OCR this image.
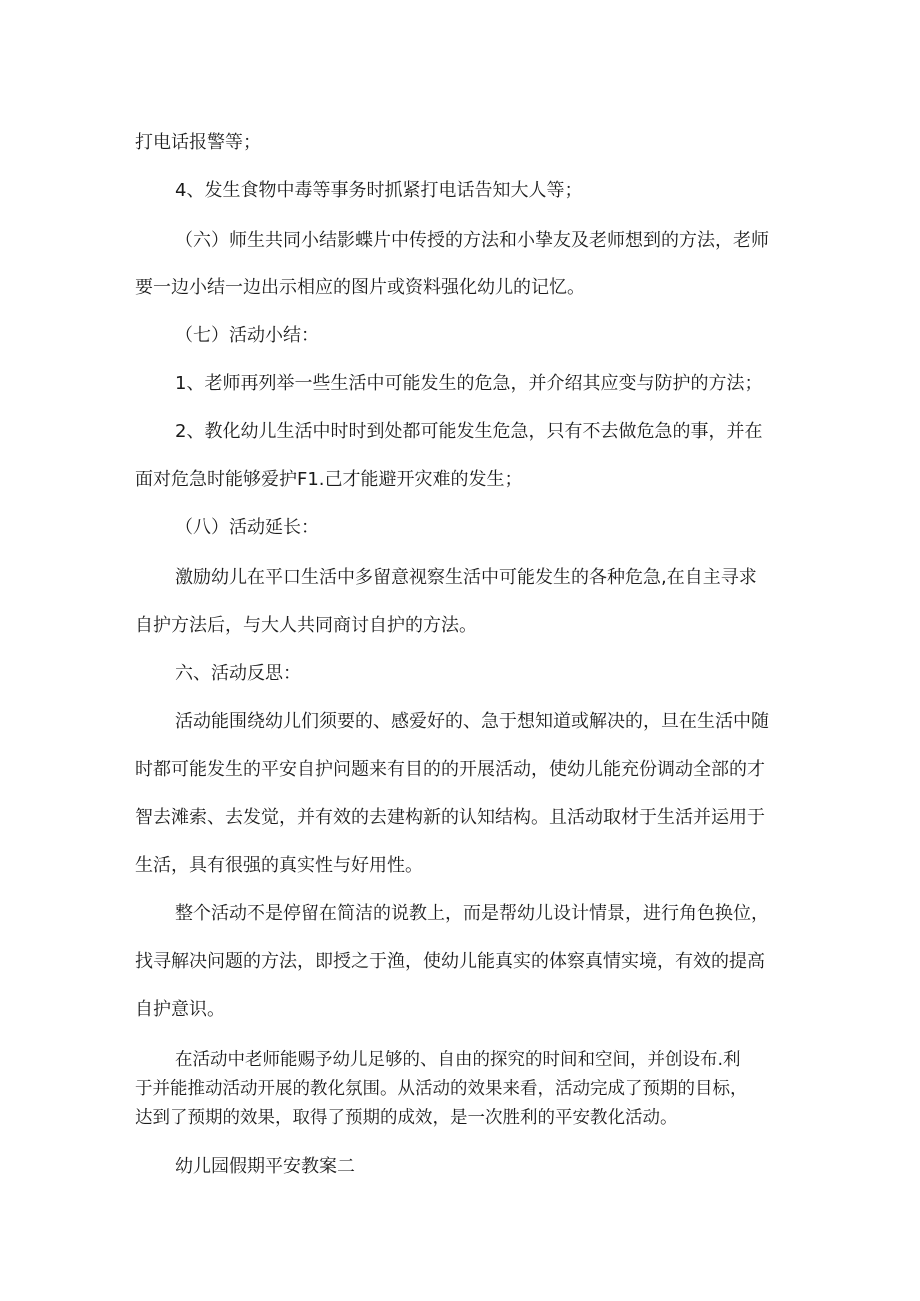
打电话报警等；
4、发生食物中毒等事务时抓紧打电话告知大人等；
（六）师生共同小结影蝶片中传授的方法和小挚友及老师想到的方法，老师
要一边小结一边出示相应的图片或资料强化幼儿的记忆。
（七）活动小结：
1、老师再列举一些生活中可能发生的危急，并介绍其应变与防护的方法；
2、教化幼儿生活中时时到处都可能发生危急，只有不去做危急的事，并在
面对危急时能够爱护F1.己才能避开灾难的发生；
（八）活动延长：
激励幼儿在平口生活中多留意视察生活中可能发生的各种危急,在自主寻求
自护方法后，与大人共同商讨自护的方法。
六、活动反思：
活动能围绕幼儿们须要的、感爱好的、急于想知道或解决的，旦在生活中随
时都可能发生的平安自护问题来有目的的开展活动，使幼儿能充份调动全部的才
智去滩索、去发觉，并有效的去建构新的认知结构。且活动取材于生活并运用于
生活，具有很强的真实性与好用性。
整个活动不是停留在简洁的说教上，而是帮幼儿设计情景，进行角色换位，
找寻解决问题的方法，即授之于渔，使幼儿能真实的体察真情实境，有效的提高
自护意识。
在活动中老师能赐予幼儿足够的、自由的探究的时间和空间，并创设布.利
于并能推动活动开展的教化氛围。从活动的效果来看，活动完成了预期的目标，
达到了预期的效果，取得了预期的成效，是一次胜利的平安教化活动。
幼儿园假期平安教案二
